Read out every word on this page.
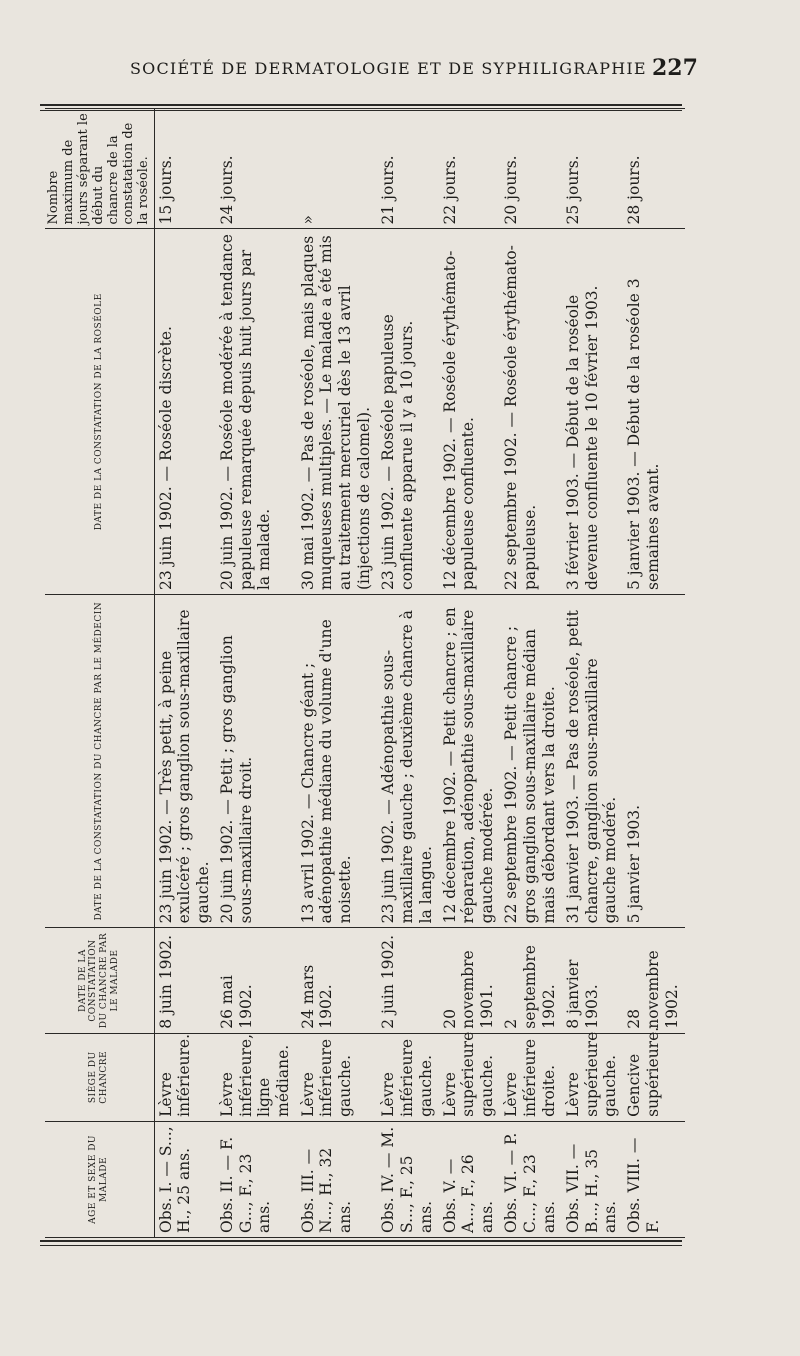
SOCIÉTÉ DE DERMATOLOGIE ET DE SYPHILIGRAPHIE 227
AGE ET SEXE DU MALADE	SIÈGE DU CHANCRE	DATE DE LA CONSTATATION DU CHANCRE PAR LE MALADE	DATE DE LA CONSTATATION DU CHANCRE PAR LE MÉDECIN	DATE DE LA CONSTATATION DE LA ROSÉOLE	Nombre maximum de jours séparant le début du chancre de la constatation de la roséole.
Obs. I. — S..., H., 25 ans.	Lèvre inférieure.	8 juin 1902.	23 juin 1902. — Très petit, à peine exulcéré ; gros ganglion sous-maxillaire gauche.	23 juin 1902. — Roséole discrète.	15 jours.
Obs. II. — F. G..., F., 23 ans.	Lèvre inférieure, ligne médiane.	26 mai 1902.	20 juin 1902. — Petit ; gros ganglion sous-maxillaire droit.	20 juin 1902. — Roséole modérée à tendance papuleuse remarquée depuis huit jours par la malade.	24 jours.
Obs. III. — N..., H., 32 ans.	Lèvre inférieure gauche.	24 mars 1902.	13 avril 1902. — Chancre géant ; adénopathie médiane du volume d'une noisette.	30 mai 1902. — Pas de roséole, mais plaques muqueuses multiples. — Le malade a été mis au traitement mercuriel dès le 13 avril (injections de calomel).	»
Obs. IV. — M. S..., F., 25 ans.	Lèvre inférieure gauche.	2 juin 1902.	23 juin 1902. — Adénopathie sous-maxillaire gauche ; deuxième chancre à la langue.	23 juin 1902. — Roséole papuleuse confluente apparue il y a 10 jours.	21 jours.
Obs. V. — A..., F., 26 ans.	Lèvre supérieure gauche.	20 novembre 1901.	12 décembre 1902. — Petit chancre ; en réparation, adénopathie sous-maxillaire gauche modérée.	12 décembre 1902. — Roséole érythémato-papuleuse confluente.	22 jours.
Obs. VI. — P. C..., F., 23 ans.	Lèvre inférieure droite.	2 septembre 1902.	22 septembre 1902. — Petit chancre ; gros ganglion sous-maxillaire médian mais débordant vers la droite.	22 septembre 1902. — Roséole érythémato-papuleuse.	20 jours.
Obs. VII. — B..., H., 35 ans.	Lèvre supérieure gauche.	8 janvier 1903.	31 janvier 1903. — Pas de roséole, petit chancre, ganglion sous-maxillaire gauche modéré.	3 février 1903. — Début de la roséole devenue confluente le 10 février 1903.	25 jours.
Obs. VIII. — F.	Gencive supérieure.	28 novembre 1902.	5 janvier 1903.	5 janvier 1903. — Début de la roséole 3 semaines avant.	28 jours.
